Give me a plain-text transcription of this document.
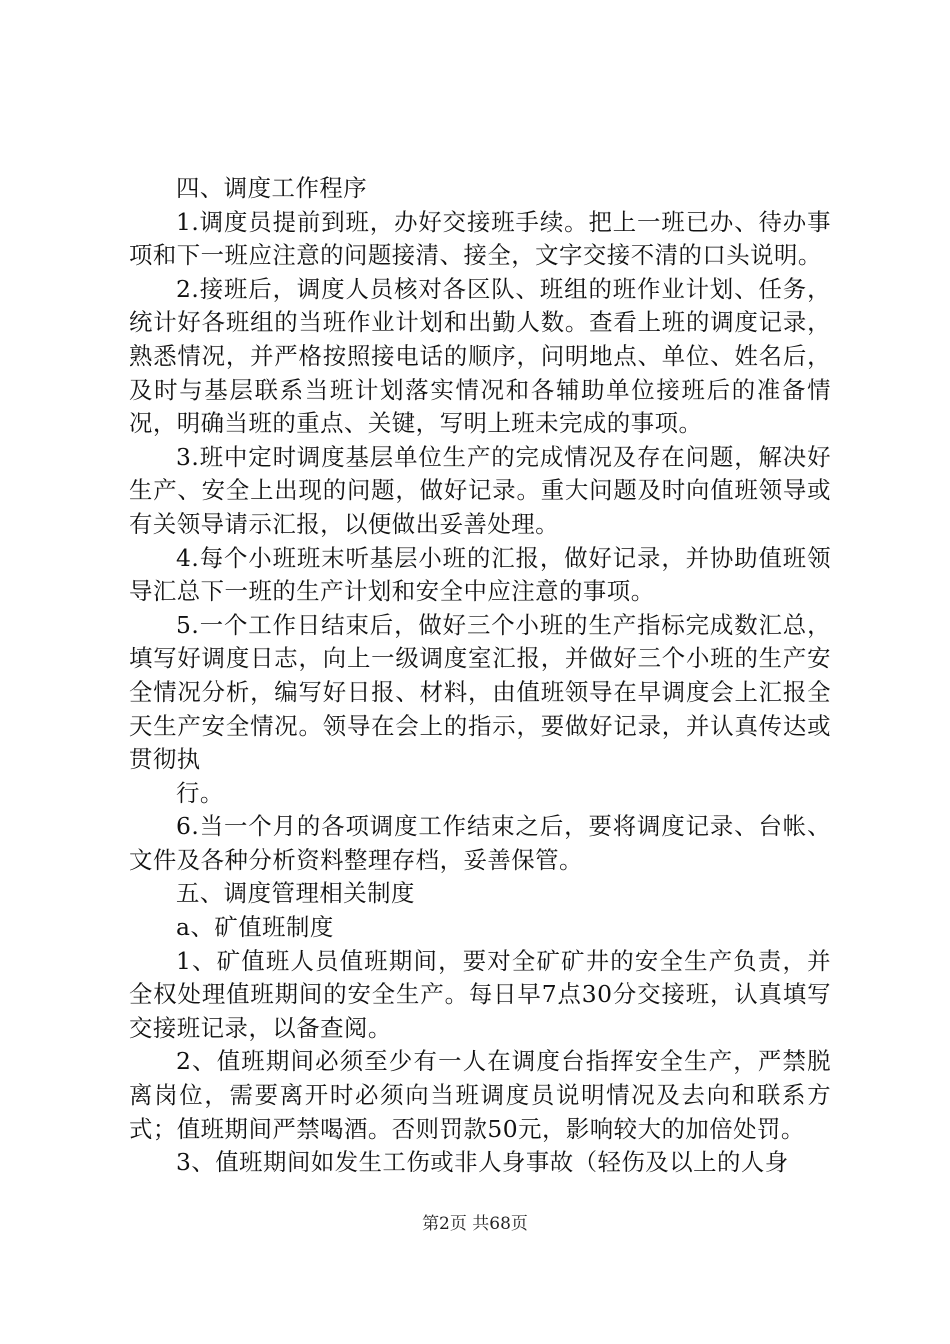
四、调度工作程序

1.调度员提前到班，办好交接班手续。把上一班已办、待办事项和下一班应注意的问题接清、接全，文字交接不清的口头说明。

2.接班后，调度人员核对各区队、班组的班作业计划、任务，统计好各班组的当班作业计划和出勤人数。查看上班的调度记录，熟悉情况，并严格按照接电话的顺序，问明地点、单位、姓名后，及时与基层联系当班计划落实情况和各辅助单位接班后的准备情况，明确当班的重点、关键，写明上班未完成的事项。

3.班中定时调度基层单位生产的完成情况及存在问题，解决好生产、安全上出现的问题，做好记录。重大问题及时向值班领导或有关领导请示汇报，以便做出妥善处理。

4.每个小班班末听基层小班的汇报，做好记录，并协助值班领导汇总下一班的生产计划和安全中应注意的事项。

5.一个工作日结束后，做好三个小班的生产指标完成数汇总，填写好调度日志，向上一级调度室汇报，并做好三个小班的生产安全情况分析，编写好日报、材料，由值班领导在早调度会上汇报全天生产安全情况。领导在会上的指示，要做好记录，并认真传达或贯彻执

行。

6.当一个月的各项调度工作结束之后，要将调度记录、台帐、文件及各种分析资料整理存档，妥善保管。

五、调度管理相关制度

a、矿值班制度

1、矿值班人员值班期间，要对全矿矿井的安全生产负责，并全权处理值班期间的安全生产。每日早7点30分交接班，认真填写交接班记录，以备查阅。

2、值班期间必须至少有一人在调度台指挥安全生产，严禁脱离岗位，需要离开时必须向当班调度员说明情况及去向和联系方式；值班期间严禁喝酒。否则罚款50元，影响较大的加倍处罚。

3、值班期间如发生工伤或非人身事故（轻伤及以上的人身

第2页 共68页
